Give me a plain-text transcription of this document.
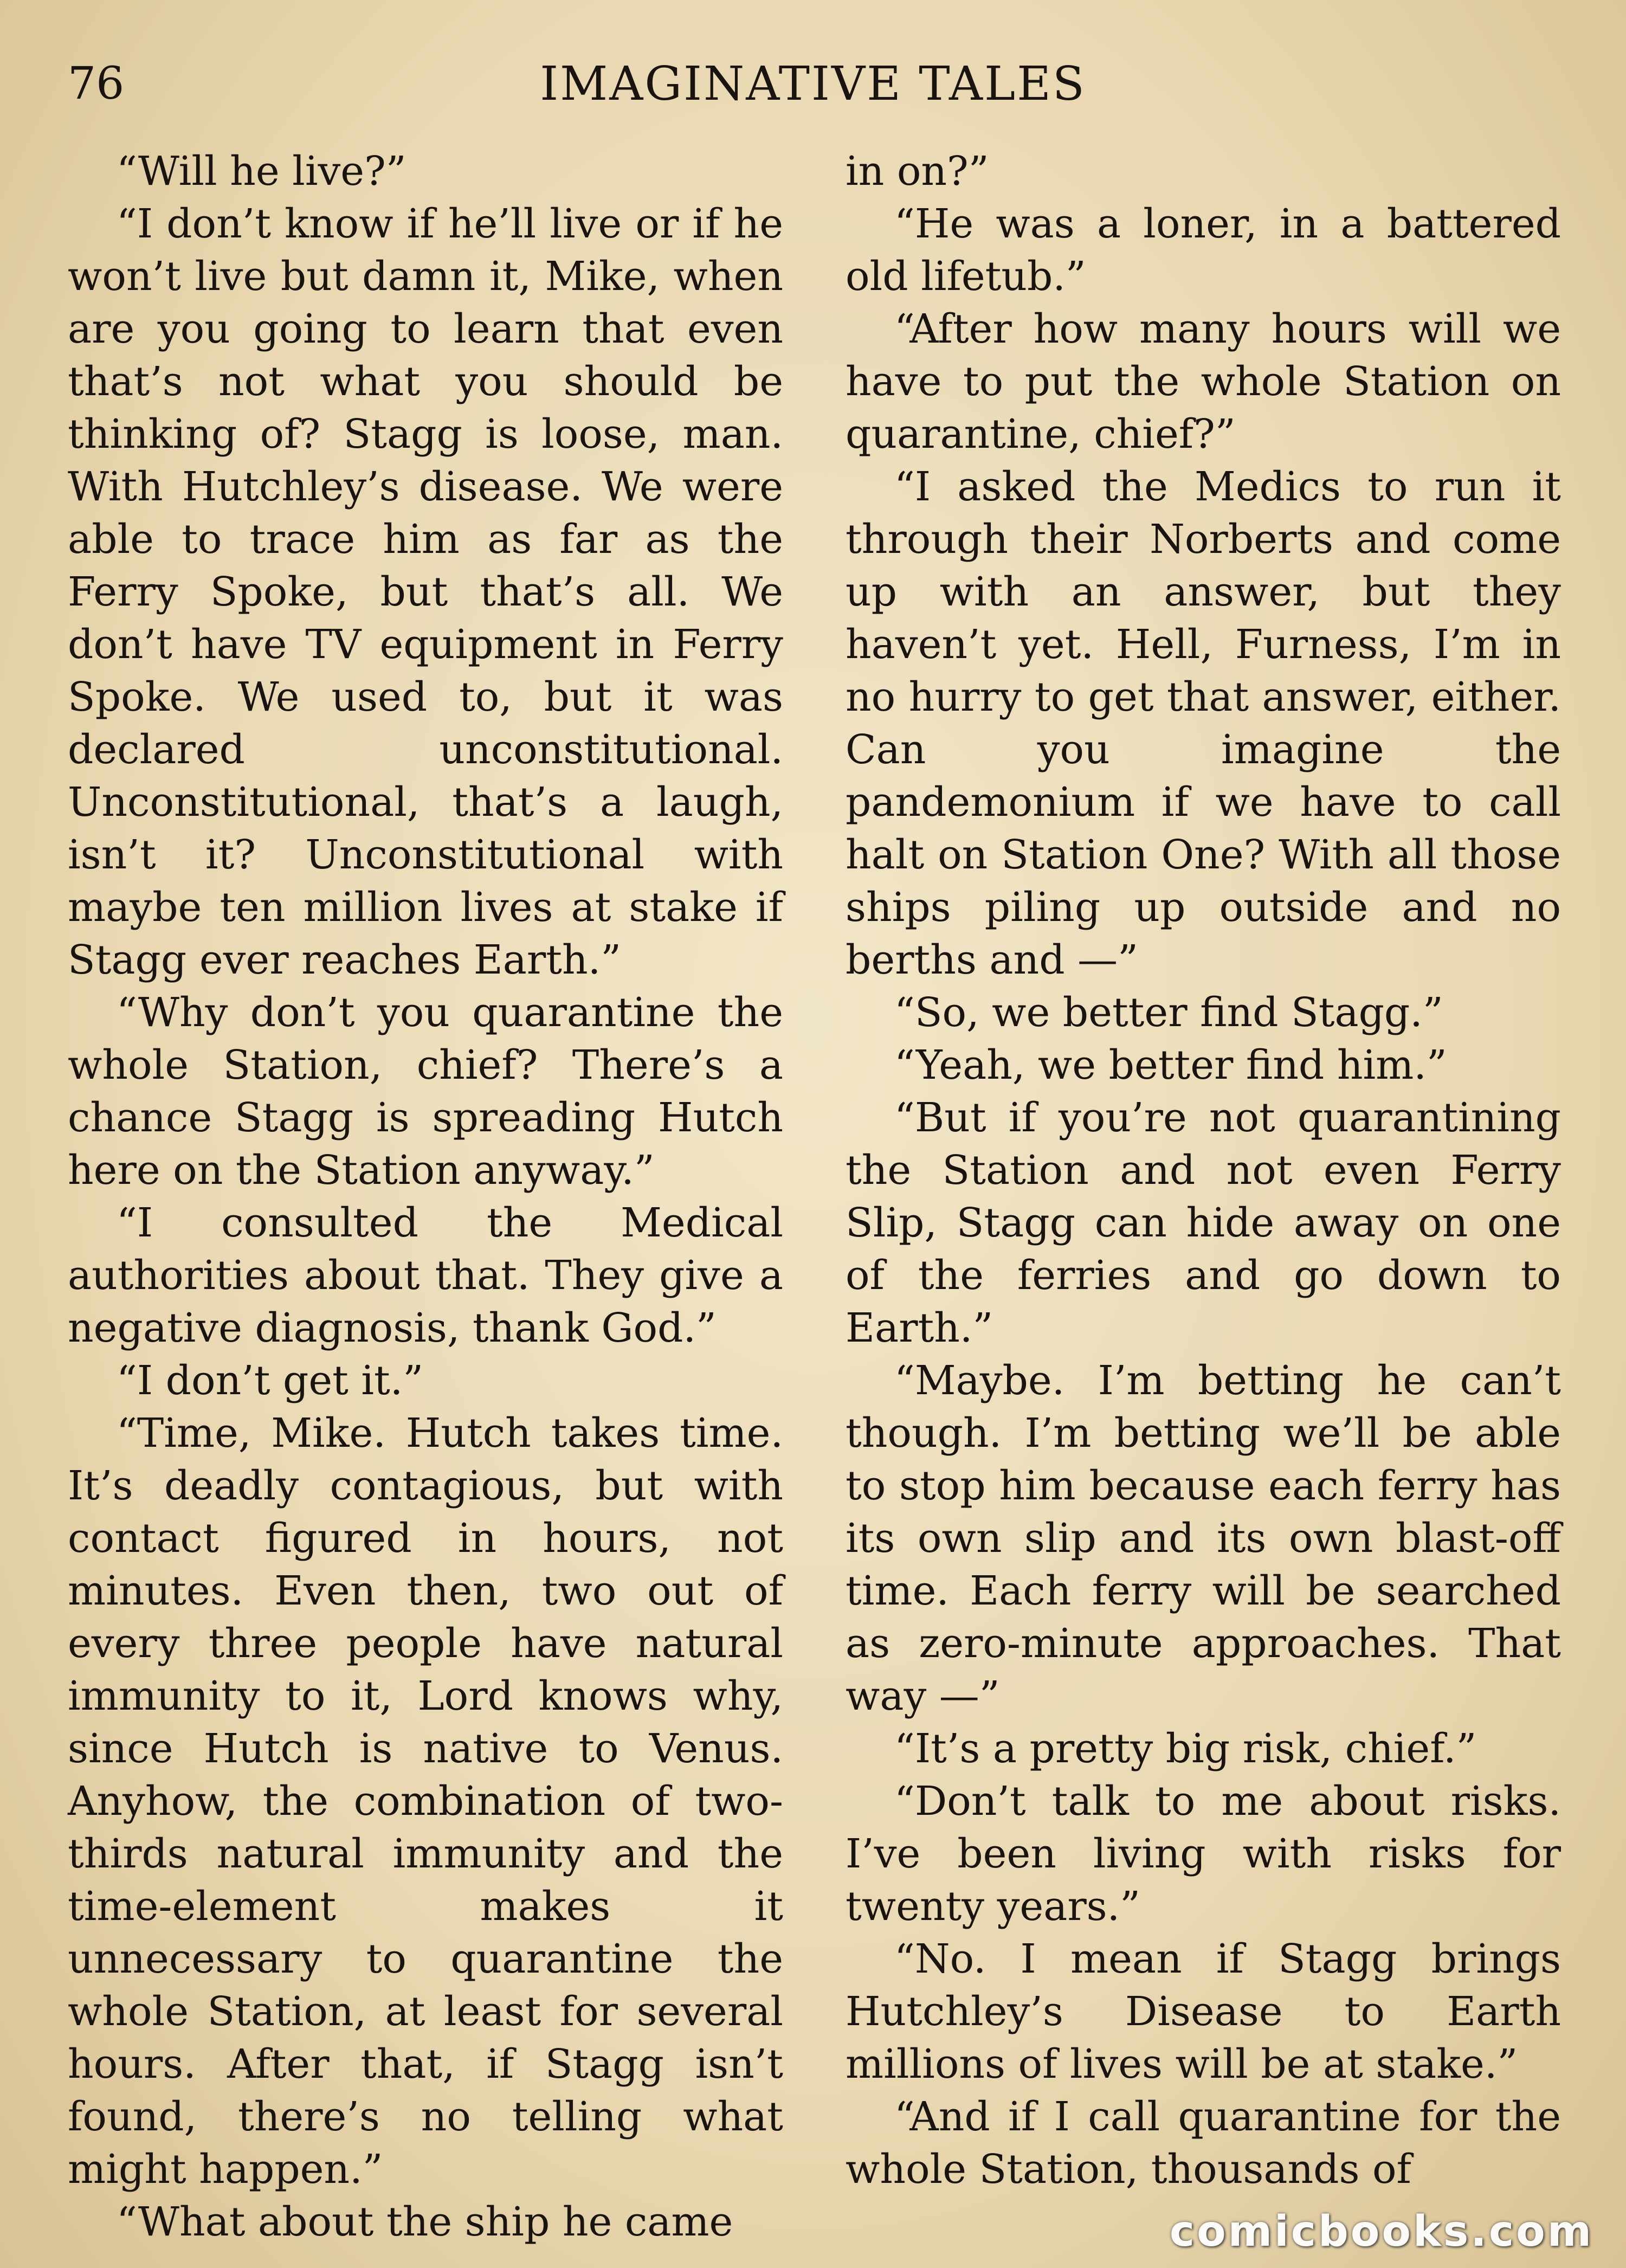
76	IMAGINATIVE TALES

“Will he live?”

“I don’t know if he’ll live or if he won’t live but damn it, Mike, when are you going to learn that even that’s not what you should be thinking of? Stagg is loose, man. With Hutchley’s disease. We were able to trace him as far as the Ferry Spoke, but that’s all. We don’t have TV equipment in Ferry Spoke. We used to, but it was declared unconstitutional. Unconstitutional, that’s a laugh, isn’t it? Unconstitutional with maybe ten million lives at stake if Stagg ever reaches Earth.”

“Why don’t you quarantine the whole Station, chief? There’s a chance Stagg is spreading Hutch here on the Station anyway.”

“I consulted the Medical authorities about that. They give a negative diagnosis, thank God.”

“I don’t get it.”

“Time, Mike. Hutch takes time. It’s deadly contagious, but with contact figured in hours, not minutes. Even then, two out of every three people have natural immunity to it, Lord knows why, since Hutch is native to Venus. Anyhow, the combination of two-thirds natural immunity and the time-element makes it unnecessary to quarantine the whole Station, at least for several hours. After that, if Stagg isn’t found, there’s no telling what might happen.”

“What about the ship he came

in on?”

“He was a loner, in a battered old lifetub.”

“After how many hours will we have to put the whole Station on quarantine, chief?”

“I asked the Medics to run it through their Norberts and come up with an answer, but they haven’t yet. Hell, Furness, I’m in no hurry to get that answer, either. Can you imagine the pandemonium if we have to call halt on Station One? With all those ships piling up outside and no berths and —”

“So, we better find Stagg.”

“Yeah, we better find him.”

“But if you’re not quarantining the Station and not even Ferry Slip, Stagg can hide away on one of the ferries and go down to Earth.”

“Maybe. I’m betting he can’t though. I’m betting we’ll be able to stop him because each ferry has its own slip and its own blast-off time. Each ferry will be searched as zero-minute approaches. That way —”

“It’s a pretty big risk, chief.”

“Don’t talk to me about risks. I’ve been living with risks for twenty years.”

“No. I mean if Stagg brings Hutchley’s Disease to Earth millions of lives will be at stake.”

“And if I call quarantine for the whole Station, thousands of

comicbooks.com
